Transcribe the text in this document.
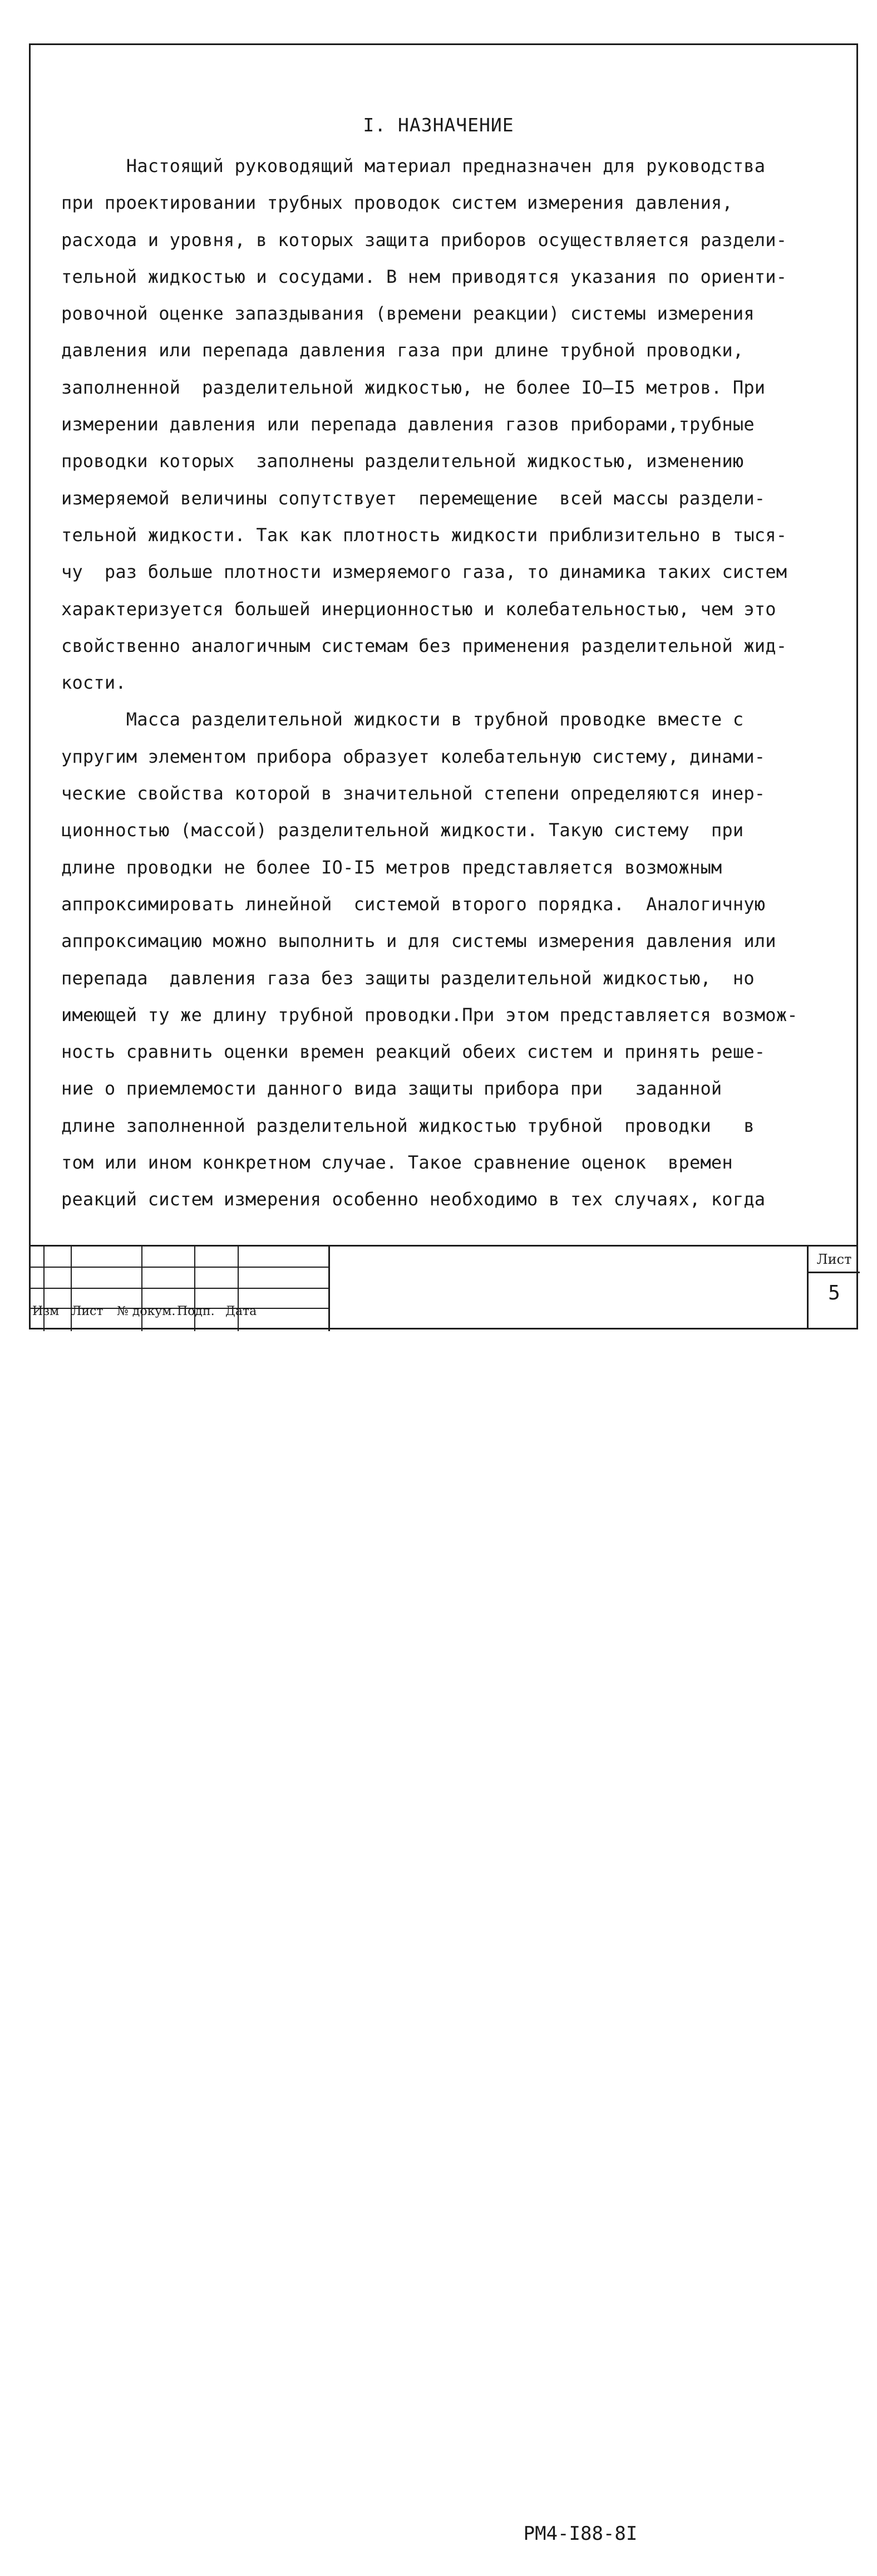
I. НАЗНАЧЕНИЕ
Настоящий руководящий материал предназначен для руководства
при проектировании трубных проводок систем измерения давления,
расхода и уровня, в которых защита приборов осуществляется раздели-
тельной жидкостью и сосудами. В нем приводятся указания по ориенти-
ровочной оценке запаздывания (времени реакции) системы измерения
давления или перепада давления газа при длине трубной проводки,
заполненной  разделительной жидкостью, не более IO–I5 метров. При
измерении давления или перепада давления газов приборами,трубные
проводки которых  заполнены разделительной жидкостью, изменению
измеряемой величины сопутствует  перемещение  всей массы раздели-
тельной жидкости. Так как плотность жидкости приблизительно в тыся-
чу  раз больше плотности измеряемого газа, то динамика таких систем
характеризуется большей инерционностью и колебательностью, чем это
свойственно аналогичным системам без применения разделительной жид-
кости.
Масса разделительной жидкости в трубной проводке вместе с
упругим элементом прибора образует колебательную систему, динами-
ческие свойства которой в значительной степени определяются инер-
ционностью (массой) разделительной жидкости. Такую систему  при
длине проводки не более IO-I5 метров представляется возможным
аппроксимировать линейной  системой второго порядка.  Аналогичную
аппроксимацию можно выполнить и для системы измерения давления или
перепада  давления газа без защиты разделительной жидкостью,  но
имеющей ту же длину трубной проводки.При этом представляется возмож-
ность сравнить оценки времен реакций обеих систем и принять реше-
ние о приемлемости данного вида защиты прибора при   заданной
длине заполненной разделительной жидкостью трубной  проводки   в
том или ином конкретном случае. Такое сравнение оценок  времен
реакций систем измерения особенно необходимо в тех случаях, когда
РМ4-I88-8I
Изм Лист № докум. Подп. Дата
Лист
5
